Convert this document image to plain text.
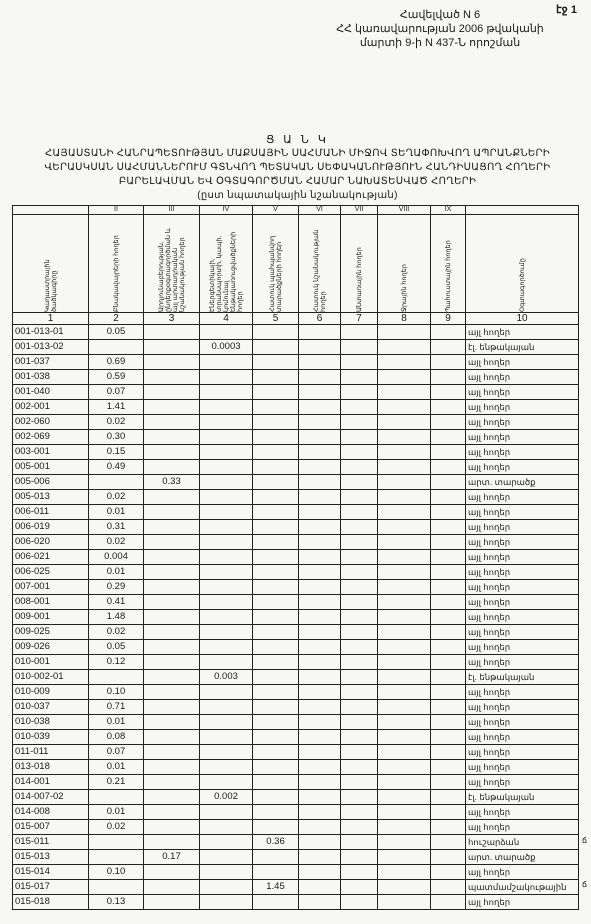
էջ 1
Հավելված N 6
ՀՀ կառավարության 2006 թվականի
մարտի 9-ի N 437-Ն որոշման
Ց Ա Ն Կ
ՀԱՅԱՍՏԱՆԻ ՀԱՆՐԱՊԵՏՈՒԹՅԱՆ ՄԱՔՍԱՅԻՆ ՍԱՀՄԱՆԻ ՄԻՋՈՎ ՏԵՂԱՓՈԽՎՈՂ ԱՊՐԱՆՔՆԵՐԻ
ՎԵՐԱՍԿՍԱՆ ՍԱՀՄԱՆՆԵՐՈՒՄ ԳՏՆՎՈՂ ՊԵՏԱԿԱՆ ՍԵՓԱԿԱՆՈՒԹՅՈՒՆ ՀԱՆԴԻՍԱՑՈՂ ՀՈՂԵՐԻ
ԲԱՐԵԼԱՎՄԱՆ ԵՎ ՕԳՏԱԳՈՐԾՄԱՆ ՀԱՄԱՐ ՆԱԽԱՏԵՍՎԱԾ ՀՈՂԵՐԻ
(ըստ նպատակային նշանակության)
	II	III	IV	V	VI	VII	VIII	IX	

Կադաստրային ծածկագիրը	Բնակավայրերի հողեր	Արդյունաբերության, ընդերքօգտագործման և այլ արտադրական նշանակության հողեր	Էներգետիկայի, տրանսպորտի, կապի, կոմունալ ենթակառուցվածքների հողեր	Հատուկ պահպանվող տարածքների հողեր	Հատուկ նշանակության հողեր	Անտառային հողեր	Ջրային հողեր	Պահուստային հողեր	Օգտագործումը

1	2	3	4	5	6	7	8	9	10
001-013-01	0.05								այլ հողեր
001-013-02			0.0003						էլ. ենթակայան
001-037	0.69								այլ հողեր
001-038	0.59								այլ հողեր
001-040	0.07								այլ հողեր
002-001	1.41								այլ հողեր
002-060	0.02								այլ հողեր
002-069	0.30								այլ հողեր
003-001	0.15								այլ հողեր
005-001	0.49								այլ հողեր
005-006		0.33							արտ. տարածք
005-013	0.02								այլ հողեր
006-011	0.01								այլ հողեր
006-019	0.31								այլ հողեր
006-020	0.02								այլ հողեր
006-021	0.004								այլ հողեր
006-025	0.01								այլ հողեր
007-001	0.29								այլ հողեր
008-001	0.41								այլ հողեր
009-001	1.48								այլ հողեր
009-025	0.02								այլ հողեր
009-026	0.05								այլ հողեր
010-001	0.12								այլ հողեր
010-002-01			0.003						էլ. ենթակայան
010-009	0.10								այլ հողեր
010-037	0.71								այլ հողեր
010-038	0.01								այլ հողեր
010-039	0.08								այլ հողեր
011-011	0.07								այլ հողեր
013-018	0.01								այլ հողեր
014-001	0.21								այլ հողեր
014-007-02			0.002						էլ. ենթակայան
014-008	0.01								այլ հողեր
015-007	0.02								այլ հողեր
015-011				0.36					հուշարձան
015-013		0.17							արտ. տարածք
015-014	0.10								այլ հողեր
015-017				1.45					պատմամշակութային
015-018	0.13								այլ հողեր
ճ
ճ
